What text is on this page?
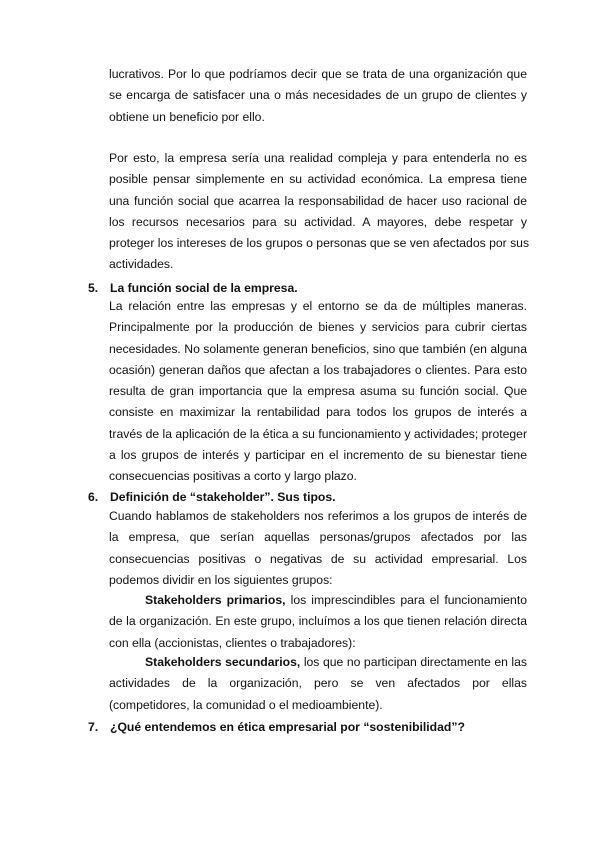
lucrativos. Por lo que podríamos decir que se trata de una organización que
se encarga de satisfacer una o más necesidades de un grupo de clientes y
obtiene un beneficio por ello.
Por esto, la empresa sería una realidad compleja y para entenderla no es
posible pensar simplemente en su actividad económica. La empresa tiene
una función social que acarrea la responsabilidad de hacer uso racional de
los recursos necesarios para su actividad. A mayores, debe respetar y
proteger los intereses de los grupos o personas que se ven afectados por sus
actividades.
5. La función social de la empresa.
La relación entre las empresas y el entorno se da de múltiples maneras.
Principalmente por la producción de bienes y servicios para cubrir ciertas
necesidades. No solamente generan beneficios, sino que también (en alguna
ocasión) generan daños que afectan a los trabajadores o clientes. Para esto
resulta de gran importancia que la empresa asuma su función social. Que
consiste en maximizar la rentabilidad para todos los grupos de interés a
través de la aplicación de la ética a su funcionamiento y actividades; proteger
a los grupos de interés y participar en el incremento de su bienestar tiene
consecuencias positivas a corto y largo plazo.
6. Definición de “stakeholder”. Sus tipos.
Cuando hablamos de stakeholders nos referimos a los grupos de interés de
la empresa, que serían aquellas personas/grupos afectados por las
consecuencias positivas o negativas de su actividad empresarial. Los
podemos dividir en los siguientes grupos:
Stakeholders primarios, los imprescindibles para el funcionamiento
de la organización. En este grupo, incluímos a los que tienen relación directa
con ella (accionistas, clientes o trabajadores):
Stakeholders secundarios, los que no participan directamente en las
actividades de la organización, pero se ven afectados por ellas
(competidores, la comunidad o el medioambiente).
7. ¿Qué entendemos en ética empresarial por “sostenibilidad”?
